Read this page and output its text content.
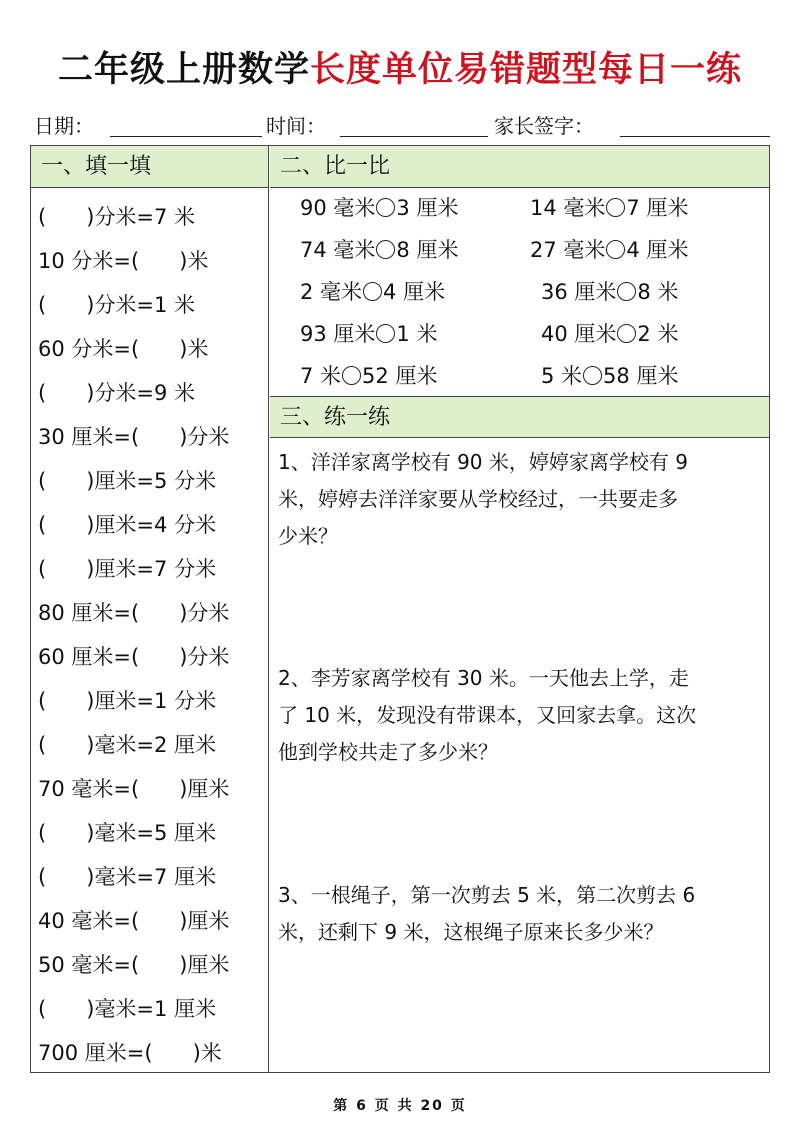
二年级上册数学长度单位易错题型每日一练
日期：	时间：	家长签字：
一、填一填	二、比一比
三、练一练
(      )分米=7 米
10 分米=(      )米
(      )分米=1 米
60 分米=(      )米
(      )分米=9 米
30 厘米=(      )分米
(      )厘米=5 分米
(      )厘米=4 分米
(      )厘米=7 分米
80 厘米=(      )分米
60 厘米=(      )分米
(      )厘米=1 分米
(      )毫米=2 厘米
70 毫米=(      )厘米
(      )毫米=5 厘米
(      )毫米=7 厘米
40 毫米=(      )厘米
50 毫米=(      )厘米
(      )毫米=1 厘米
700 厘米=(      )米
90 毫米 3 厘米	14 毫米 7 厘米
74 毫米 8 厘米	27 毫米 4 厘米
2 毫米 4 厘米	36 厘米 8 米
93 厘米 1 米	40 厘米 2 米
7 米 52 厘米	5 米 58 厘米
1、洋洋家离学校有 90 米，婷婷家离学校有 9
米，婷婷去洋洋家要从学校经过，一共要走多
少米？
2、李芳家离学校有 30 米。一天他去上学，走
了 10 米，发现没有带课本，又回家去拿。这次
他到学校共走了多少米？
3、一根绳子，第一次剪去 5 米，第二次剪去 6
米，还剩下 9 米，这根绳子原来长多少米？
第 6 页 共 20 页
